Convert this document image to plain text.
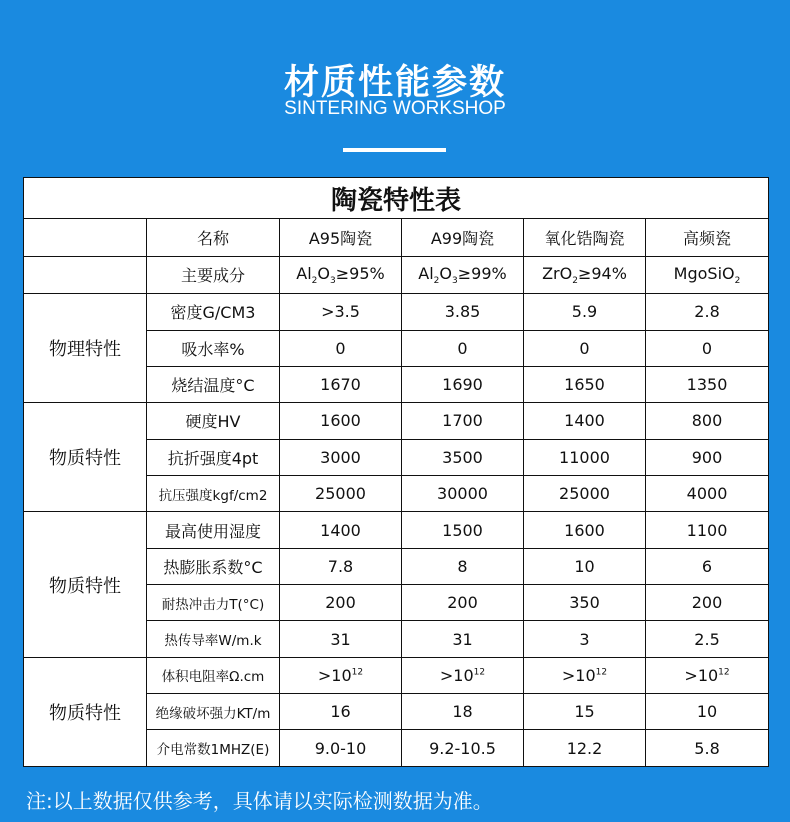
材质性能参数
SINTERING WORKSHOP
陶瓷特性表					
	名称	A95陶瓷	A99陶瓷	氧化锆陶瓷	高频瓷
	主要成分	$Al_2O_3\ge 95\%$	$Al_2O_3\ge 99\%$	ZrO$_2$≥94%	MgoSiO$_2$
物理特性	密度G/CM3	>3.5	3.85	5.9	2.8
	吸水率%	0	0	0	0
	烧结温度°C	1670	1690	1650	1350
物质特性	硬度HV	1600	1700	1400	800
	抗折强度4pt	3000	3500	11000	900
	抗压强度kgf/cm2	25000	30000	25000	4000
物质特性	最高使用湿度	1400	1500	1600	1100
	热膨胀系数°C	7.8	8	10	6
	耐热冲击力T(°C)	200	200	350	200
	热传导率W/m.k	31	31	3	2.5
物质特性	体积电阻率Ω.cm	$>10^{12}$	$>10^{12}$	$>10^{12}$	$>10^{12}$
	绝缘破坏强力KT/m	16	18	15	10
	介电常数1MHZ(E)	9.0-10	9.2-10.5	12.2	5.8
注:以上数据仅供参考，具体请以实际检测数据为准。
